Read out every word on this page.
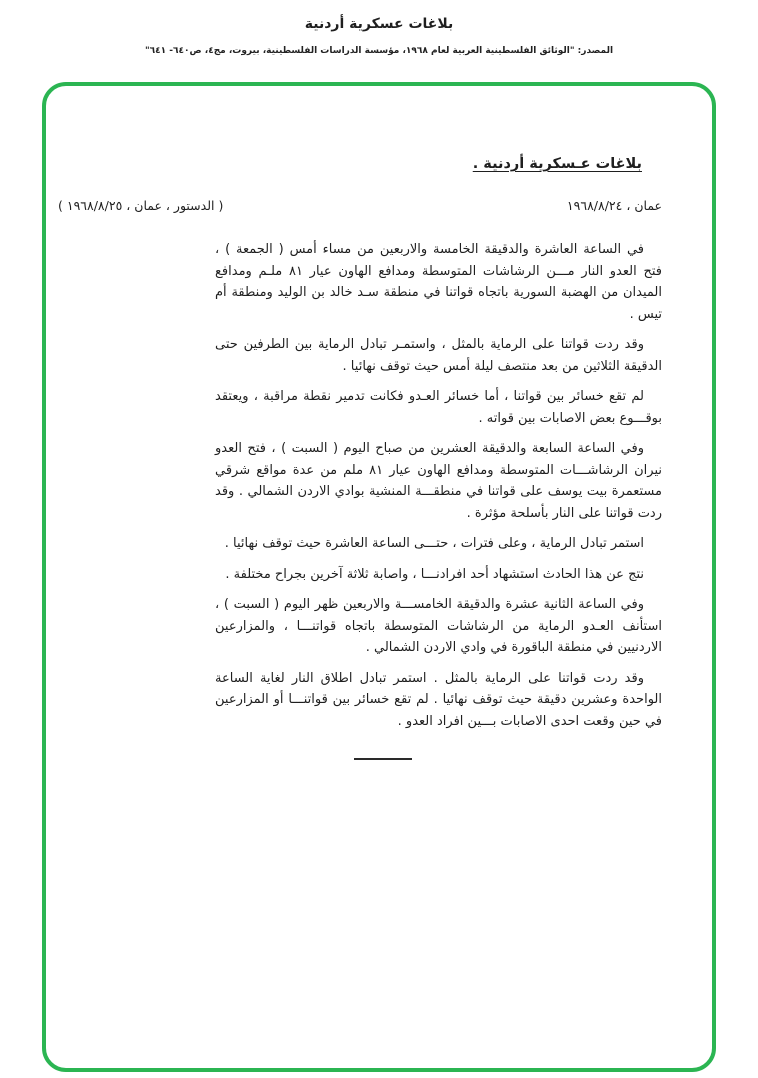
بلاغات عسكرية أردنية
المصدر: "الوثائق الفلسطينية العربية لعام ١٩٦٨، مؤسسة الدراسات الفلسطينية، بيروت، مج٤، ص٦٤٠- ٦٤١"
بلاغات عـسكرية أردنية .
عمان ، ١٩٦٨/٨/٢٤
( الدستور ، عمان ، ١٩٦٨/٨/٢٥ )

في الساعة العاشرة والدقيقة الخامسة والاربعين من مساء أمس ( الجمعة ) ، فتح العدو النار مـــن الرشاشات المتوسطة ومدافع الهاون عيار ٨١ ملـم ومدافع الميدان من الهضبة السورية باتجاه قواتنا في منطقة سـد خالد بن الوليد ومنطقة أم تيس .

وقد ردت قواتنا على الرماية بالمثل ، واستمـر تبادل الرماية بين الطرفين حتى الدقيقة الثلاثين من بعد منتصف ليلة أمس حيث توقف نهائيا .

لم تقع خسائر بين قواتنا ، أما خسائر العـدو فكانت تدمير نقطة مراقبة ، ويعتقد بوقـــوع بعض الاصابات بين قواته .

وفي الساعة السابعة والدقيقة العشرين من صباح اليوم ( السبت ) ، فتح العدو نيران الرشاشـــات المتوسطة ومدافع الهاون عيار ٨١ ملم من عدة مواقع شرقي مستعمرة بيت يوسف على قواتنا في منطقـــة المنشية بوادي الاردن الشمالي . وقد ردت قواتنا على النار بأسلحة مؤثرة .

استمر تبادل الرماية ، وعلى فترات ، حتـــى الساعة العاشرة حيث توقف نهائيا .

نتج عن هذا الحادث استشهاد أحد افرادنـــا ، واصابة ثلاثة آخرين بجراح مختلفة .

وفي الساعة الثانية عشرة والدقيقة الخامســـة والاربعين ظهر اليوم ( السبت ) ، استأنف العـدو الرماية من الرشاشات المتوسطة باتجاه قواتنـــا ، والمزارعين الاردنيين في منطقة الباقورة في وادي الاردن الشمالي .

وقد ردت قواتنا على الرماية بالمثل . استمر تبادل اطلاق النار لغاية الساعة الواحدة وعشرين دقيقة حيث توقف نهائيا . لم تقع خسائر بين قواتنـــا أو المزارعين في حين وقعت احدى الاصابات بـــين افراد العدو .
